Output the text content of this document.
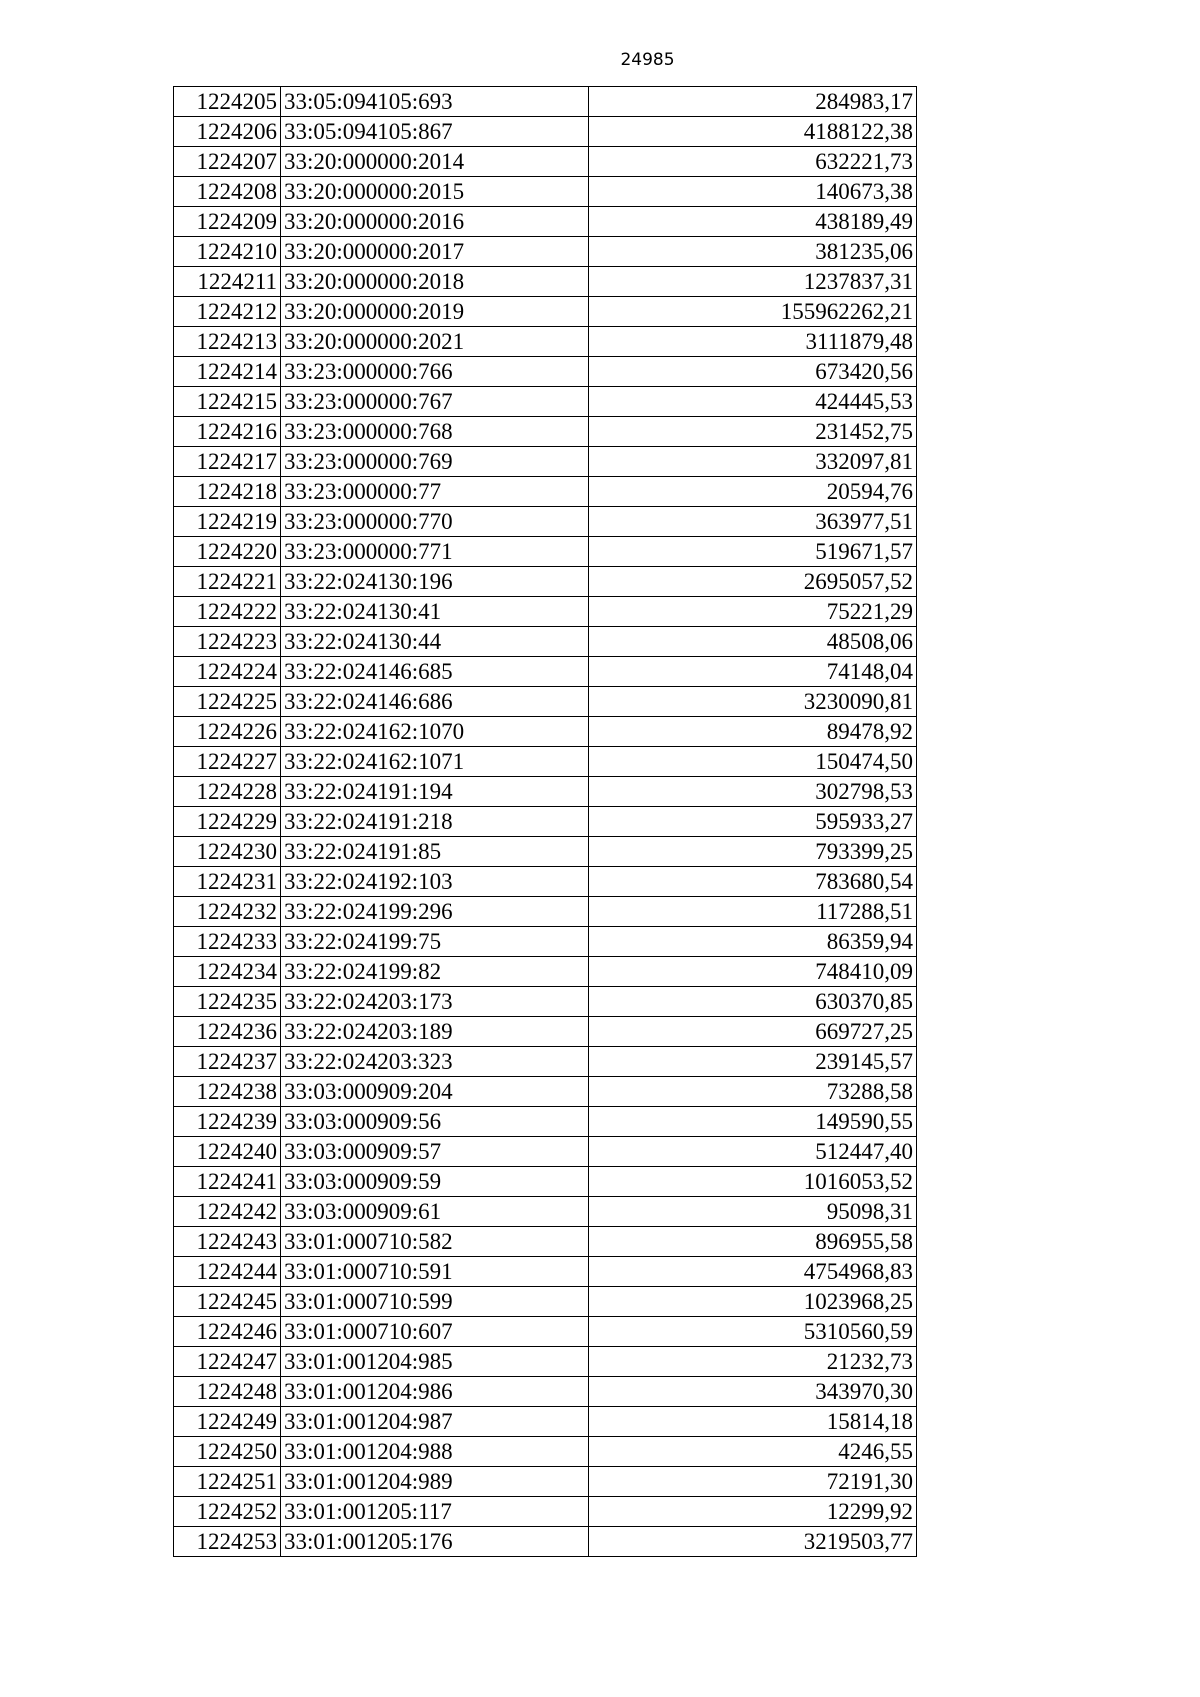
24985
1224205	33:05:094105:693	284983,17
1224206	33:05:094105:867	4188122,38
1224207	33:20:000000:2014	632221,73
1224208	33:20:000000:2015	140673,38
1224209	33:20:000000:2016	438189,49
1224210	33:20:000000:2017	381235,06
1224211	33:20:000000:2018	1237837,31
1224212	33:20:000000:2019	155962262,21
1224213	33:20:000000:2021	3111879,48
1224214	33:23:000000:766	673420,56
1224215	33:23:000000:767	424445,53
1224216	33:23:000000:768	231452,75
1224217	33:23:000000:769	332097,81
1224218	33:23:000000:77	20594,76
1224219	33:23:000000:770	363977,51
1224220	33:23:000000:771	519671,57
1224221	33:22:024130:196	2695057,52
1224222	33:22:024130:41	75221,29
1224223	33:22:024130:44	48508,06
1224224	33:22:024146:685	74148,04
1224225	33:22:024146:686	3230090,81
1224226	33:22:024162:1070	89478,92
1224227	33:22:024162:1071	150474,50
1224228	33:22:024191:194	302798,53
1224229	33:22:024191:218	595933,27
1224230	33:22:024191:85	793399,25
1224231	33:22:024192:103	783680,54
1224232	33:22:024199:296	117288,51
1224233	33:22:024199:75	86359,94
1224234	33:22:024199:82	748410,09
1224235	33:22:024203:173	630370,85
1224236	33:22:024203:189	669727,25
1224237	33:22:024203:323	239145,57
1224238	33:03:000909:204	73288,58
1224239	33:03:000909:56	149590,55
1224240	33:03:000909:57	512447,40
1224241	33:03:000909:59	1016053,52
1224242	33:03:000909:61	95098,31
1224243	33:01:000710:582	896955,58
1224244	33:01:000710:591	4754968,83
1224245	33:01:000710:599	1023968,25
1224246	33:01:000710:607	5310560,59
1224247	33:01:001204:985	21232,73
1224248	33:01:001204:986	343970,30
1224249	33:01:001204:987	15814,18
1224250	33:01:001204:988	4246,55
1224251	33:01:001204:989	72191,30
1224252	33:01:001205:117	12299,92
1224253	33:01:001205:176	3219503,77
